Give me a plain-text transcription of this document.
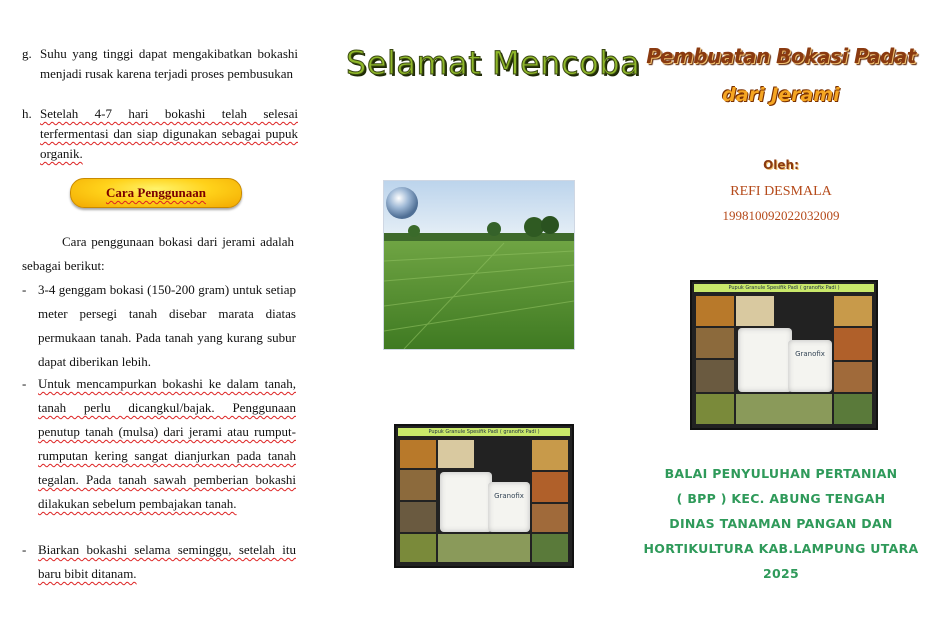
g. Suhu yang tinggi dapat mengakibatkan bokashi menjadi rusak karena terjadi proses pembusukan
h. Setelah 4-7 hari bokashi telah selesai terfermentasi dan siap digunakan sebagai pupuk organik.
Cara Penggunaan
Cara penggunaan bokasi dari jerami adalah sebagai berikut:
- 3-4 genggam bokasi (150-200 gram) untuk setiap meter persegi tanah disebar marata diatas permukaan tanah. Pada tanah yang kurang subur dapat diberikan lebih.
- Untuk mencampurkan bokashi ke dalam tanah, tanah perlu dicangkul/bajak. Penggunaan penutup tanah (mulsa) dari jerami atau rumput-rumputan kering sangat dianjurkan pada tanah tegalan. Pada tanah sawah pemberian bokashi dilakukan sebelum pembajakan tanah.
- Biarkan bokashi selama seminggu, setelah itu baru bibit ditanam.
Selamat Mencoba
Pupuk Granule Spesifik Padi ( granofix Padi )
Granofix
Pembuatan Bokasi Padat
dari Jerami
Oleh:
REFI DESMALA
199810092022032009
Pupuk Granule Spesifik Padi ( granofix Padi )
Granofix
BALAI PENYULUHAN PERTANIAN
( BPP ) KEC. ABUNG TENGAH
DINAS TANAMAN PANGAN DAN
HORTIKULTURA KAB.LAMPUNG UTARA
2025
